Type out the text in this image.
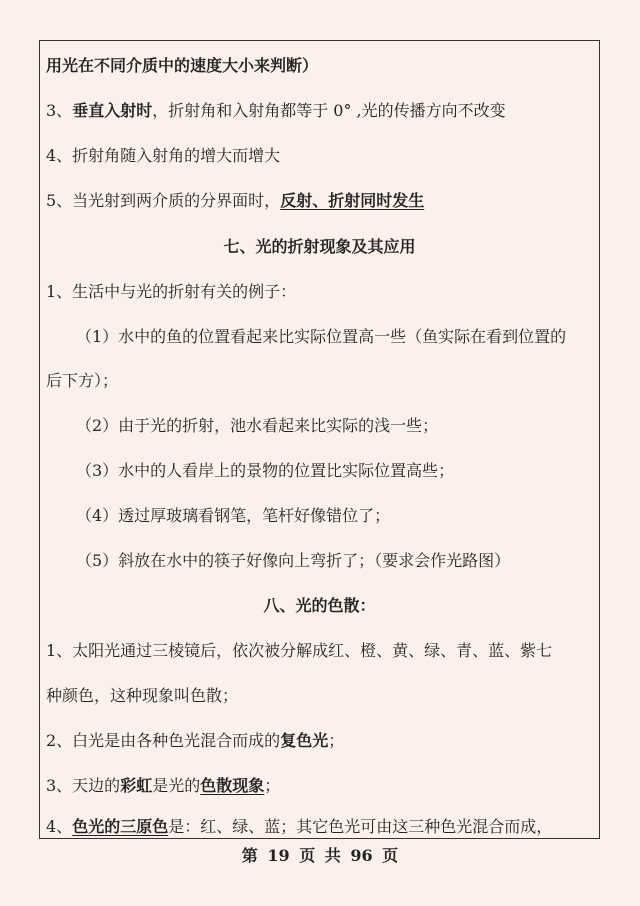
用光在不同介质中的速度大小来判断）
3、垂直入射时，折射角和入射角都等于 0° ,光的传播方向不改变
4、折射角随入射角的增大而增大
5、当光射到两介质的分界面时，反射、折射同时发生
七、光的折射现象及其应用
1、生活中与光的折射有关的例子：
（1）水中的鱼的位置看起来比实际位置高一些（鱼实际在看到位置的
后下方）；
（2）由于光的折射，池水看起来比实际的浅一些；
（3）水中的人看岸上的景物的位置比实际位置高些；
（4）透过厚玻璃看钢笔，笔杆好像错位了；
（5）斜放在水中的筷子好像向上弯折了；（要求会作光路图）
八、光的色散：
1、太阳光通过三棱镜后，依次被分解成红、橙、黄、绿、青、蓝、紫七
种颜色，这种现象叫色散；
2、白光是由各种色光混合而成的复色光；
3、天边的彩虹是光的色散现象；
4、色光的三原色是：红、绿、蓝；其它色光可由这三种色光混合而成，
第 19 页 共 96 页
